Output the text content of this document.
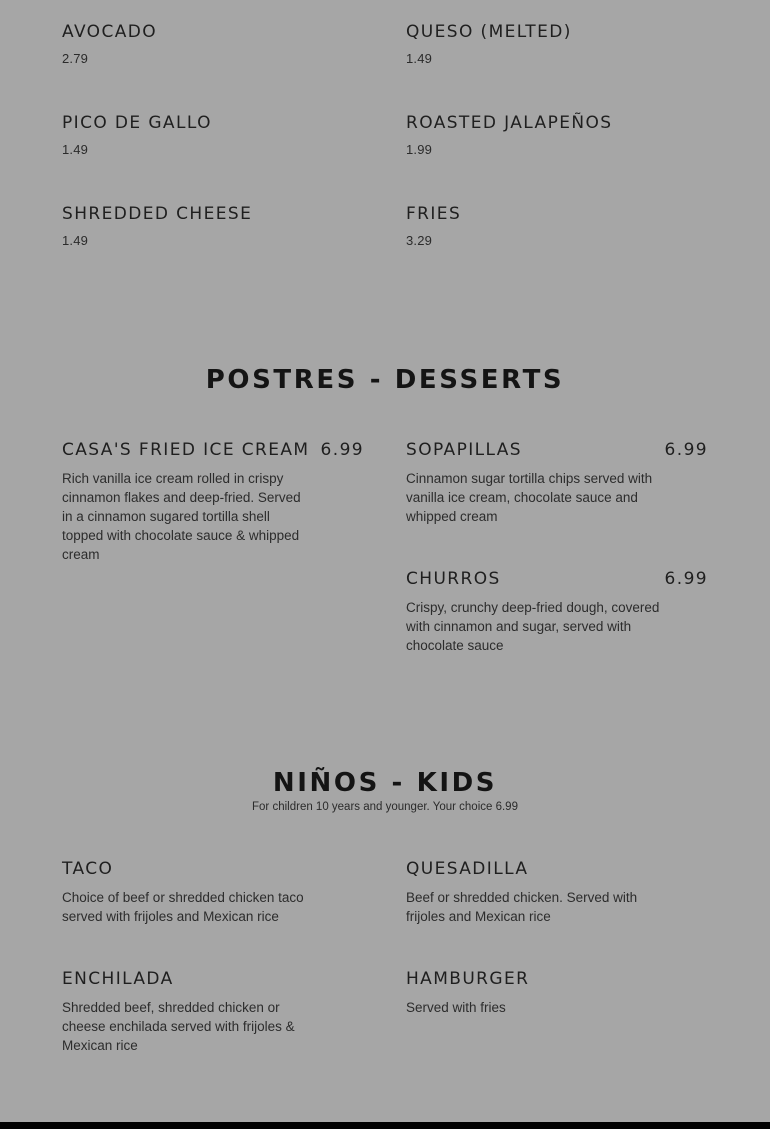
AVOCADO
2.79
QUESO (MELTED)
1.49
PICO DE GALLO
1.49
ROASTED JALAPEÑOS
1.99
SHREDDED CHEESE
1.49
FRIES
3.29
POSTRES - DESSERTS
CASA'S FRIED ICE CREAM 6.99
Rich vanilla ice cream rolled in crispy cinnamon flakes and deep-fried. Served in a cinnamon sugared tortilla shell topped with chocolate sauce & whipped cream
SOPAPILLAS	6.99
Cinnamon sugar tortilla chips served with vanilla ice cream, chocolate sauce and whipped cream
CHURROS	6.99
Crispy, crunchy deep-fried dough, covered with cinnamon and sugar, served with chocolate sauce
NIÑOS - KIDS
For children 10 years and younger. Your choice 6.99
TACO
Choice of beef or shredded chicken taco served with frijoles and Mexican rice
QUESADILLA
Beef or shredded chicken. Served with frijoles and Mexican rice
ENCHILADA
Shredded beef, shredded chicken or cheese enchilada served with frijoles & Mexican rice
HAMBURGER
Served with fries
